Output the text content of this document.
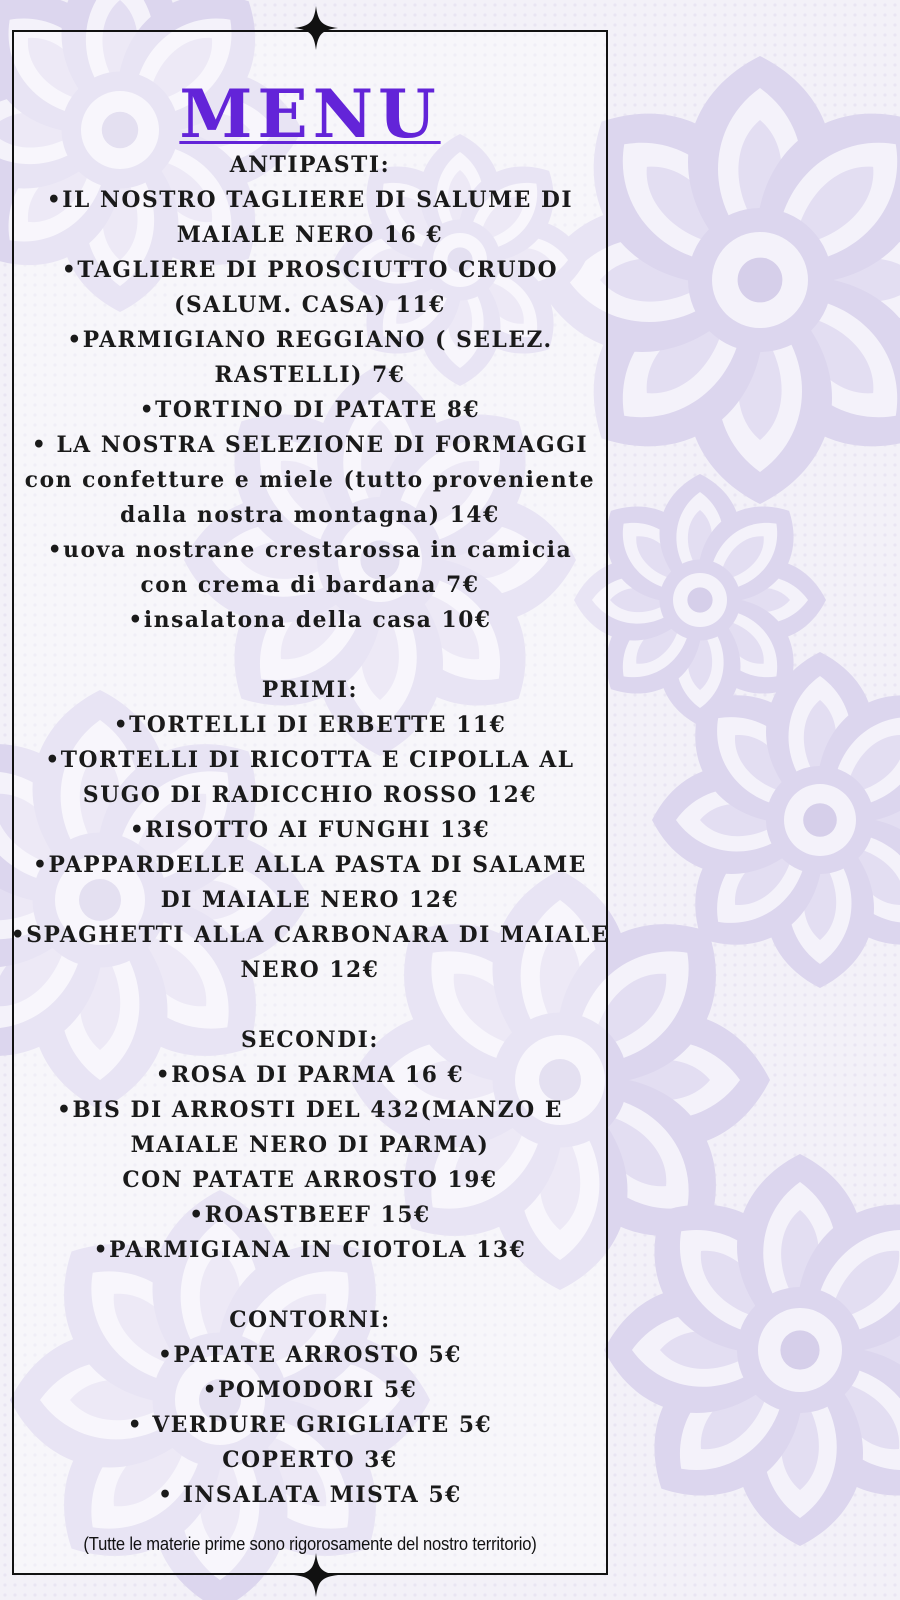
MENU
ANTIPASTI:
•IL NOSTRO TAGLIERE DI SALUME DI
MAIALE NERO 16 €
•TAGLIERE DI PROSCIUTTO CRUDO
(SALUM. CASA) 11€
•PARMIGIANO REGGIANO ( SELEZ.
RASTELLI) 7€
•TORTINO DI PATATE 8€
• LA NOSTRA SELEZIONE DI FORMAGGI
con confetture e miele (tutto proveniente
dalla nostra montagna) 14€
•uova nostrane crestarossa in camicia
con crema di bardana 7€
•insalatona della casa 10€
PRIMI:
•TORTELLI DI ERBETTE 11€
•TORTELLI DI RICOTTA E CIPOLLA AL
SUGO DI RADICCHIO ROSSO 12€
•RISOTTO AI FUNGHI 13€
•PAPPARDELLE ALLA PASTA DI SALAME
DI MAIALE NERO 12€
•SPAGHETTI ALLA CARBONARA DI MAIALE
NERO 12€
SECONDI:
•ROSA DI PARMA 16 €
•BIS DI ARROSTI DEL 432(MANZO E
MAIALE NERO DI PARMA)
CON PATATE ARROSTO 19€
•ROASTBEEF 15€
•PARMIGIANA IN CIOTOLA 13€
CONTORNI:
•PATATE ARROSTO 5€
•POMODORI 5€
• VERDURE GRIGLIATE 5€
COPERTO 3€
• INSALATA MISTA 5€
(Tutte le materie prime sono rigorosamente del nostro territorio)
